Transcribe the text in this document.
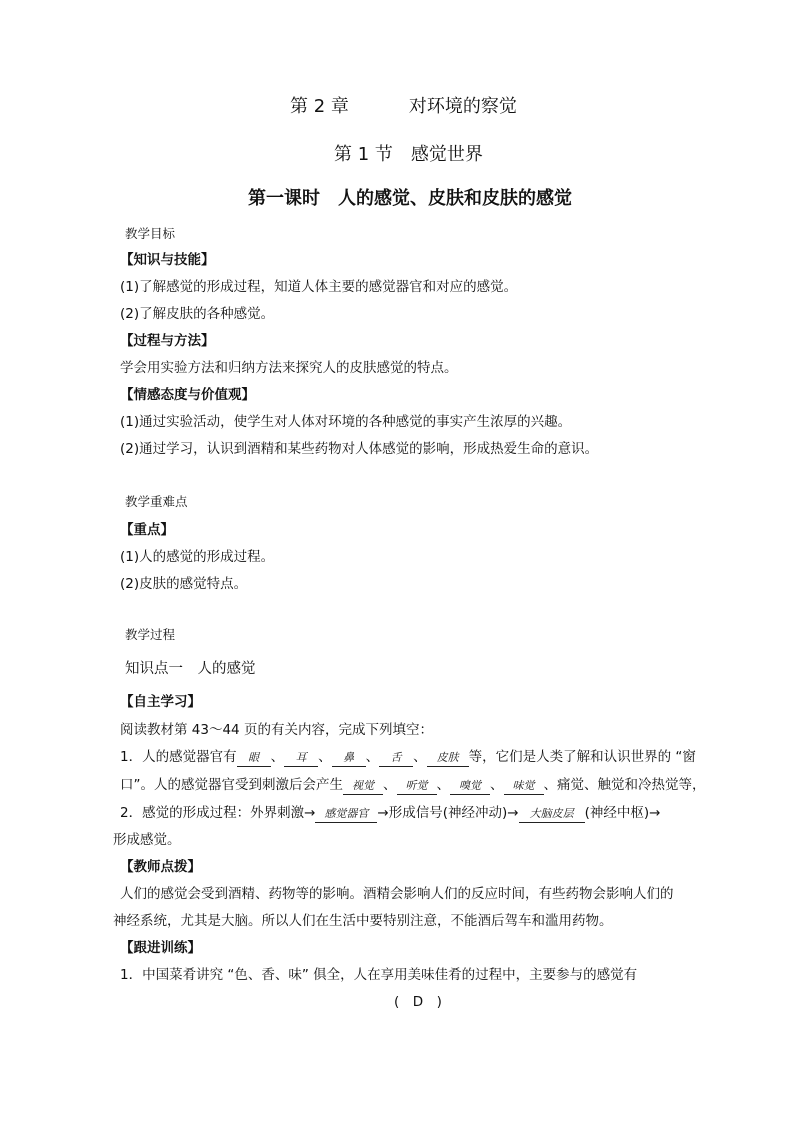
第 2 章	对环境的察觉
第 1 节　感觉世界
第一课时　人的感觉、皮肤和皮肤的感觉
教学目标
【知识与技能】
(1)了解感觉的形成过程，知道人体主要的感觉器官和对应的感觉。
(2)了解皮肤的各种感觉。
【过程与方法】
学会用实验方法和归纳方法来探究人的皮肤感觉的特点。
【情感态度与价值观】
(1)通过实验活动，使学生对人体对环境的各种感觉的事实产生浓厚的兴趣。
(2)通过学习，认识到酒精和某些药物对人体感觉的影响，形成热爱生命的意识。
教学重难点
【重点】
(1)人的感觉的形成过程。
(2)皮肤的感觉特点。
教学过程
知识点一　人的感觉
【自主学习】
阅读教材第 43～44 页的有关内容，完成下列填空：
1．人的感觉器官有 眼 、 耳 、 鼻 、 舌 、 皮肤 等，它们是人类了解和认识世界的 “窗
口”。人的感觉器官受到刺激后会产生 视觉 、 听觉 、 嗅觉 、 味觉 、痛觉、触觉和冷热觉等，
2．感觉的形成过程：外界刺激→ 感觉器官 →形成信号(神经冲动)→ 大脑皮层 (神经中枢)→
形成感觉。
【教师点拨】
人们的感觉会受到酒精、药物等的影响。酒精会影响人们的反应时间，有些药物会影响人们的
神经系统，尤其是大脑。所以人们在生活中要特别注意，不能酒后驾车和滥用药物。
【跟进训练】
1．中国菜肴讲究 “色、香、味” 俱全，人在享用美味佳肴的过程中，主要参与的感觉有
(　D　)
